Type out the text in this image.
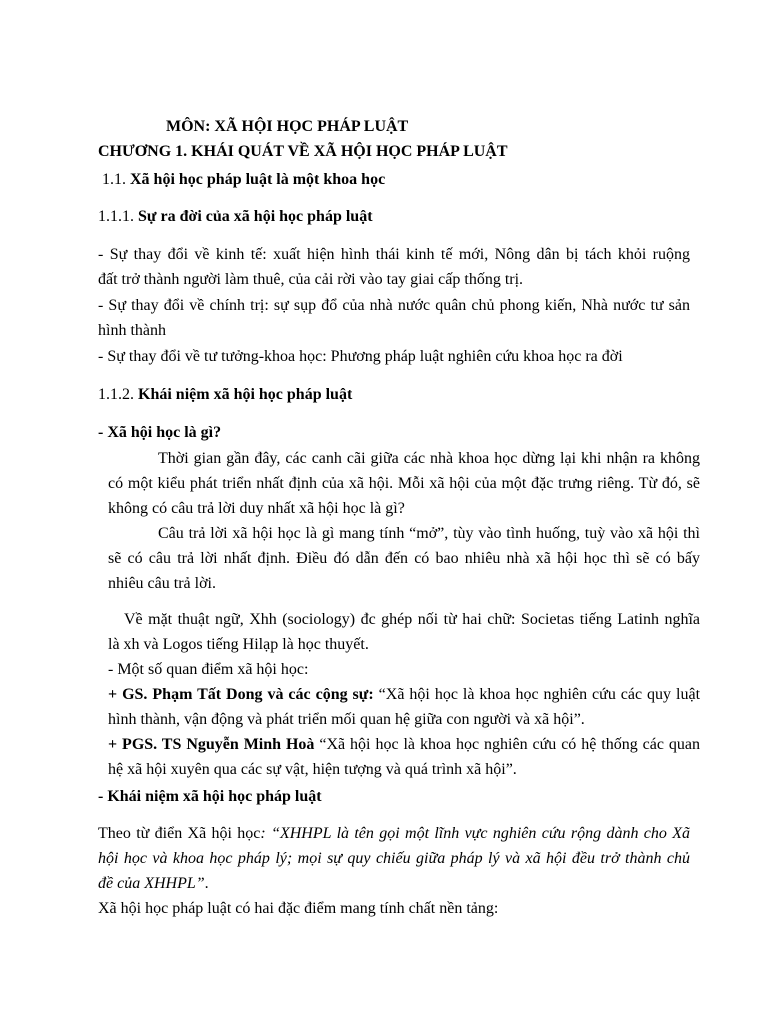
MÔN: XÃ HỘI HỌC PHÁP LUẬT
CHƯƠNG 1. KHÁI QUÁT VỀ XÃ HỘI HỌC PHÁP LUẬT
1.1. Xã hội học pháp luật là một khoa học
1.1.1. Sự ra đời của xã hội học pháp luật
- Sự thay đổi về kinh tế: xuất hiện hình thái kinh tế mới, Nông dân bị tách khỏi ruộng
đất trở thành người làm thuê, của cải rời vào tay giai cấp thống trị.
- Sự thay đổi về chính trị: sự sụp đổ của nhà nước quân chủ phong kiến, Nhà nước tư sản
hình thành
- Sự thay đổi về tư tưởng-khoa học: Phương pháp luật nghiên cứu khoa học ra đời
1.1.2. Khái niệm xã hội học pháp luật
- Xã hội học là gì?
Thời gian gần đây, các canh cãi giữa các nhà khoa học dừng lại khi nhận ra không
có một kiểu phát triển nhất định của xã hội. Mỗi xã hội của một đặc trưng riêng. Từ đó, sẽ
không có câu trả lời duy nhất xã hội học là gì?
Câu trả lời xã hội học là gì mang tính “mở”, tùy vào tình huống, tuỳ vào xã hội thì
sẽ có câu trả lời nhất định. Điều đó dẫn đến có bao nhiêu nhà xã hội học thì sẽ có bấy
nhiêu câu trả lời.
Về mặt thuật ngữ, Xhh (sociology) đc ghép nối từ hai chữ: Societas tiếng Latinh nghĩa
là xh và Logos tiếng Hilạp là học thuyết.
- Một số quan điểm xã hội học:
+ GS. Phạm Tất Dong và các cộng sự: “Xã hội học là khoa học nghiên cứu các quy luật
hình thành, vận động và phát triển mối quan hệ giữa con người và xã hội”.
+ PGS. TS Nguyễn Minh Hoà “Xã hội học là khoa học nghiên cứu có hệ thống các quan
hệ xã hội xuyên qua các sự vật, hiện tượng và quá trình xã hội”.
- Khái niệm xã hội học pháp luật
Theo từ điển Xã hội học: “XHHPL là tên gọi một lĩnh vực nghiên cứu rộng dành cho Xã
hội học và khoa học pháp lý; mọi sự quy chiếu giữa pháp lý và xã hội đều trở thành chủ
đề của XHHPL”.
Xã hội học pháp luật có hai đặc điểm mang tính chất nền tảng:
